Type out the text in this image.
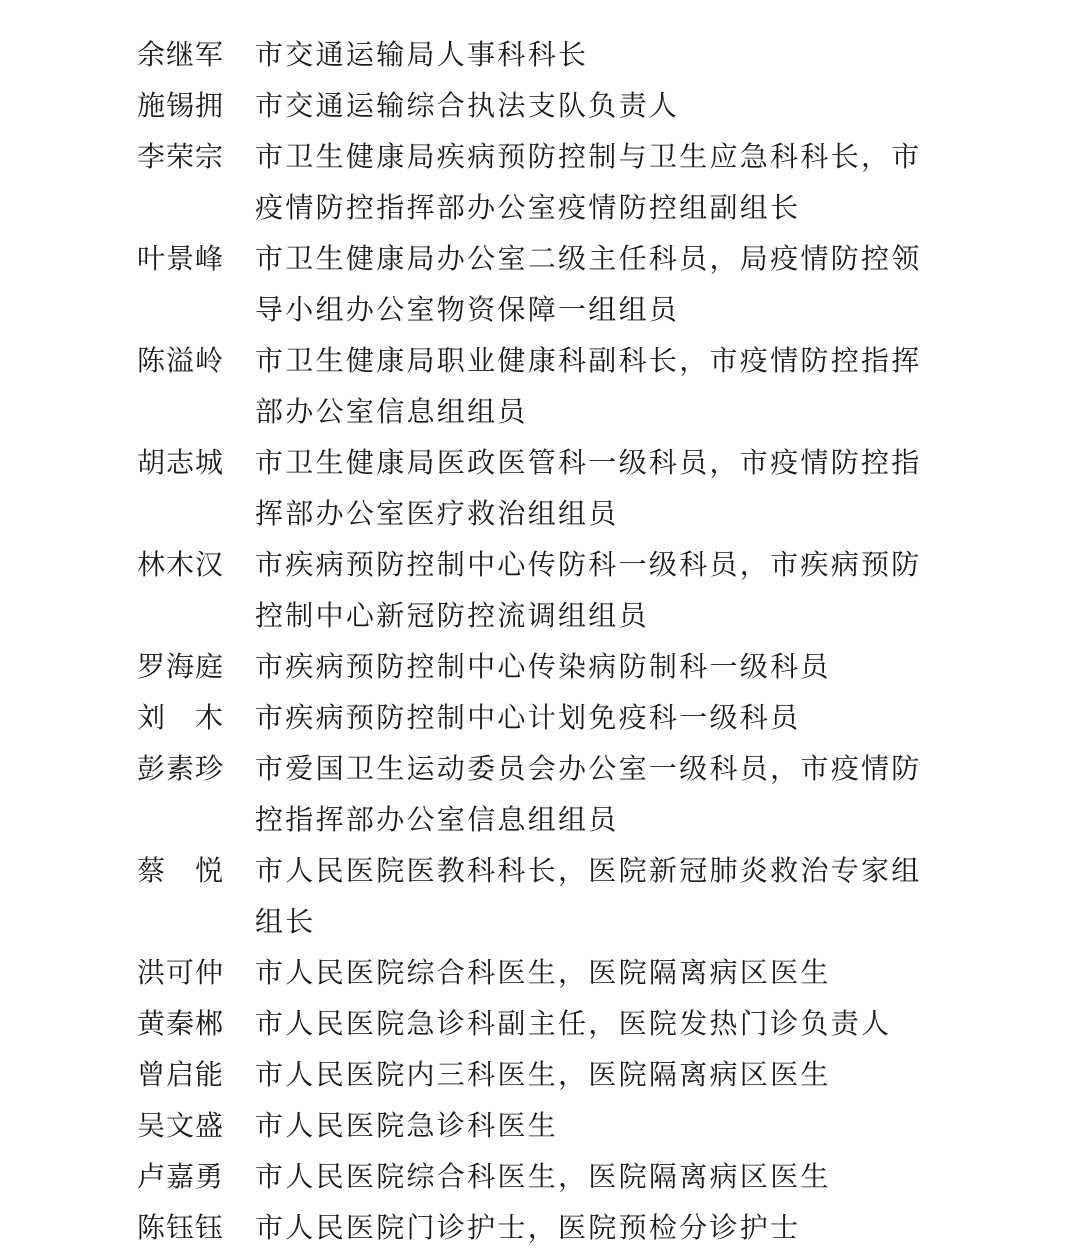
余继军 市交通运输局人事科科长
施锡拥 市交通运输综合执法支队负责人
李荣宗 市卫生健康局疾病预防控制与卫生应急科科长，市疫情防控指挥部办公室疫情防控组副组长
叶景峰 市卫生健康局办公室二级主任科员，局疫情防控领导小组办公室物资保障一组组员
陈溢岭 市卫生健康局职业健康科副科长，市疫情防控指挥部办公室信息组组员
胡志城 市卫生健康局医政医管科一级科员，市疫情防控指挥部办公室医疗救治组组员
林木汉 市疾病预防控制中心传防科一级科员，市疾病预防控制中心新冠防控流调组组员
罗海庭 市疾病预防控制中心传染病防制科一级科员
刘木 市疾病预防控制中心计划免疫科一级科员
彭素珍 市爱国卫生运动委员会办公室一级科员，市疫情防控指挥部办公室信息组组员
蔡悦 市人民医院医教科科长，医院新冠肺炎救治专家组组长
洪可仲 市人民医院综合科医生，医院隔离病区医生
黄秦郴 市人民医院急诊科副主任，医院发热门诊负责人
曾启能 市人民医院内三科医生，医院隔离病区医生
吴文盛 市人民医院急诊科医生
卢嘉勇 市人民医院综合科医生，医院隔离病区医生
陈钰钰 市人民医院门诊护士，医院预检分诊护士
